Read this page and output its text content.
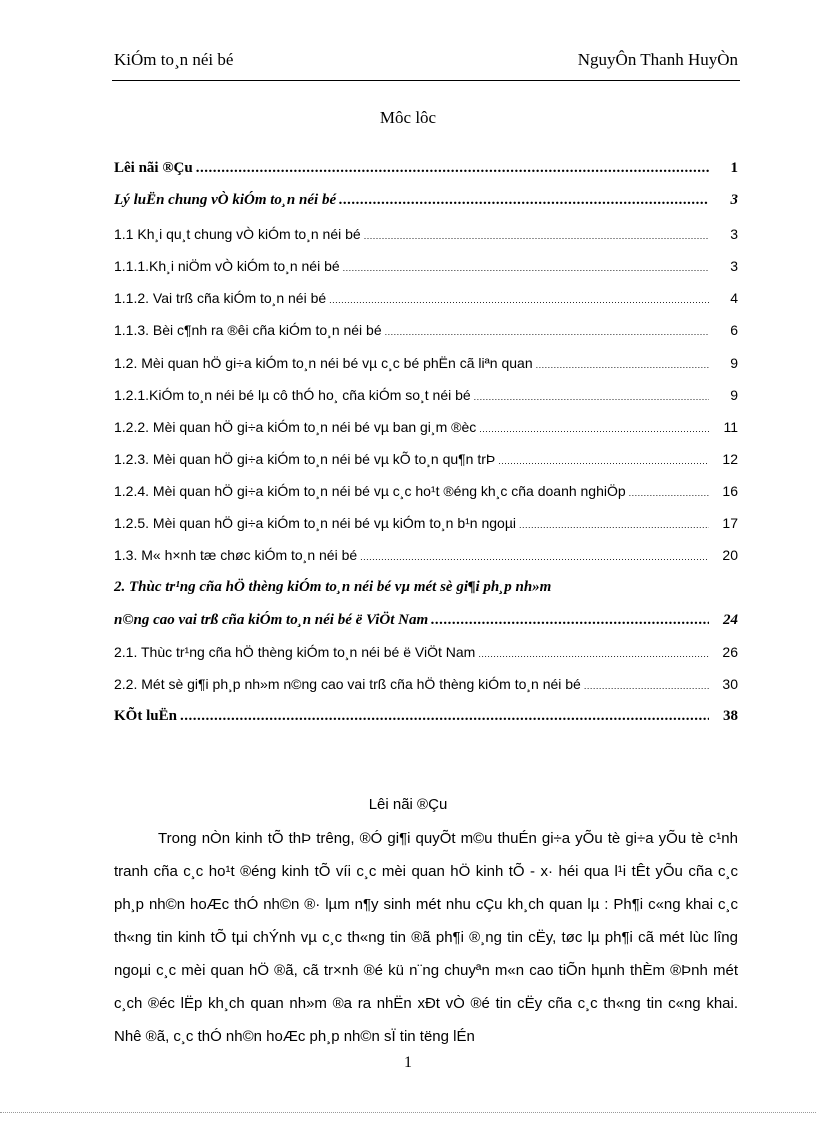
KiÓm to¸n néi bé	NguyÔn Thanh HuyÒn
Môc lôc
Lêi nãi ®Çu .....	1
Lý luËn chung vÒ kiÓm to¸n néi bé .....	3
1.1 Kh¸i qu¸t chung vÒ kiÓm to¸n néi bé .....	3
1.1.1.Kh¸i niÖm vÒ kiÓm to¸n néi bé .....	3
1.1.2. Vai trß cña kiÓm to¸n néi bé .....	4
1.1.3. Bèi c¶nh ra ®êi cña kiÓm to¸n néi bé .....	6
1.2. Mèi quan hÖ gi÷a kiÓm to¸n néi bé vµ c¸c bé phËn cã liªn quan .....	9
1.2.1.KiÓm to¸n néi bé lµ cô thÓ ho¸ cña kiÓm so¸t néi bé .....	9
1.2.2. Mèi quan hÖ gi÷a kiÓm to¸n néi bé vµ ban gi¸m ®èc .....	11
1.2.3. Mèi quan hÖ gi÷a kiÓm to¸n néi bé vµ kÕ to¸n qu¶n trÞ .....	12
1.2.4. Mèi quan hÖ gi÷a kiÓm to¸n néi bé vµ c¸c ho¹t ®éng kh¸c cña doanh nghiÖp .....	16
1.2.5. Mèi quan hÖ gi÷a kiÓm to¸n néi bé vµ kiÓm to¸n b¹n ngoµi .....	17
1.3. M« h×nh tæ chøc kiÓm to¸n néi bé .....	20
2. Thùc tr¹ng cña hÖ thèng kiÓm to¸n néi bé vµ mét sè gi¶i ph¸p nh»m
n©ng cao vai trß cña kiÓm to¸n néi bé ë ViÖt Nam .....	24
2.1. Thùc tr¹ng cña hÖ thèng kiÓm to¸n néi bé ë ViÖt Nam .....	26
2.2. Mét sè gi¶i ph¸p nh»m n©ng cao vai trß cña hÖ thèng kiÓm to¸n néi bé .....	30
KÕt luËn .....	38
Lêi nãi ®Çu

Trong nÒn kinh tÕ thÞ trêng, ®Ó gi¶i quyÕt m©u thuÉn gi÷a yÕu tè gi÷a yÕu tè c¹nh tranh cña c¸c ho¹t ®éng kinh tÕ víi c¸c mèi quan hÖ kinh tÕ - x· héi qua l¹i tÊt yÕu cña c¸c ph¸p nh©n hoÆc thÓ nh©n ®· lµm n¶y sinh mét nhu cÇu kh¸ch quan lµ : Ph¶i c«ng khai c¸c th«ng tin kinh tÕ tµi chÝnh vµ c¸c th«ng tin ®ã ph¶i ®¸ng tin cËy, tøc lµ ph¶i cã mét lùc lîng ngoµi c¸c mèi quan hÖ ®ã, cã tr×nh ®é kü n¨ng chuyªn m«n cao tiÕn hµnh thÈm ®Þnh mét c¸ch ®éc lËp kh¸ch quan nh»m ®a ra nhËn xÐt vÒ ®é tin cËy cña c¸c th«ng tin c«ng khai. Nhê ®ã, c¸c thÓ nh©n hoÆc ph¸p nh©n sÏ tin tëng lÉn

1
